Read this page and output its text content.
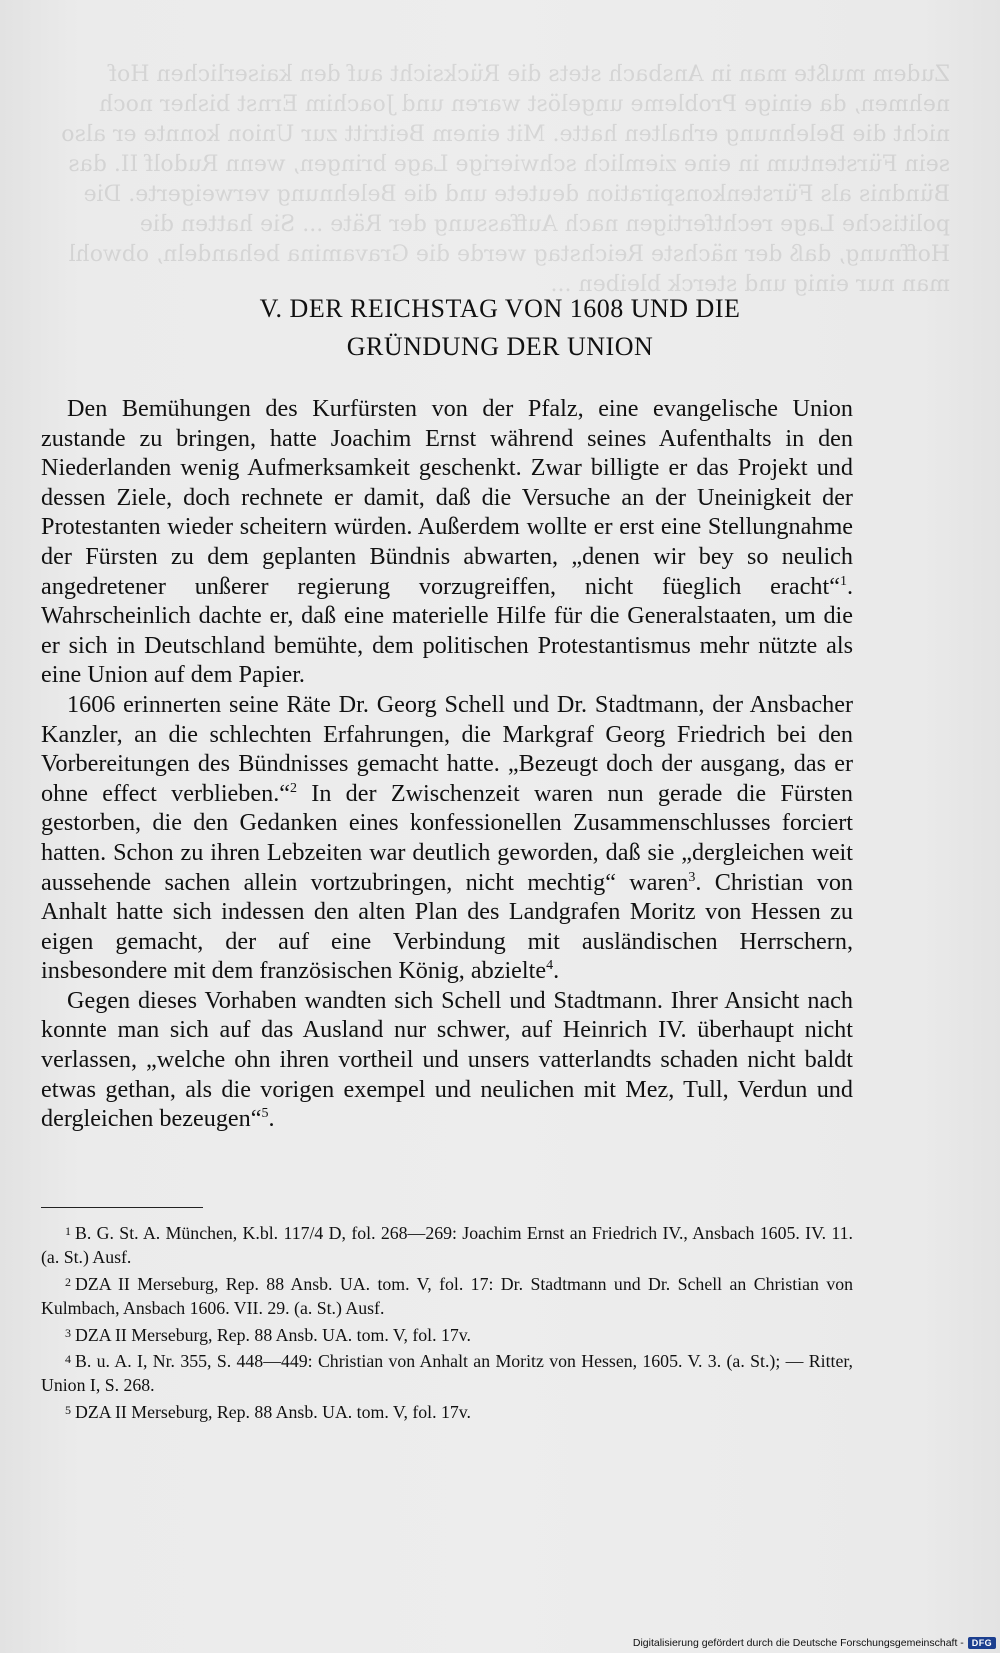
Zudem mußte man in Ansbach stets die Rücksicht auf den kaiserlichen Hof nehmen, da einige Probleme ungelöst waren und Joachim Ernst bisher noch nicht die Belehnung erhalten hatte. Mit einem Beitritt zur Union konnte er also sein Fürstentum in eine ziemlich schwierige Lage bringen, wenn Rudolf II. das Bündnis als Fürstenkonspiration deutete und die Belehnung verweigerte. Die politische Lage rechtfertigen nach Auffassung der Räte ... Sie hatten die Hoffnung, daß der nächste Reichstag werde die Gravamina behandeln, obwohl man nur einig und sterck bleiben ...
V. DER REICHSTAG VON 1608 UND DIE
GRÜNDUNG DER UNION

Den Bemühungen des Kurfürsten von der Pfalz, eine evangelische Union zustande zu bringen, hatte Joachim Ernst während seines Aufenthalts in den Niederlanden wenig Aufmerksamkeit geschenkt. Zwar billigte er das Projekt und dessen Ziele, doch rechnete er damit, daß die Versuche an der Uneinigkeit der Protestanten wieder scheitern würden. Außerdem wollte er erst eine Stellungnahme der Fürsten zu dem geplanten Bündnis abwarten, „denen wir bey so neulich angedretener unßerer regierung vorzugreiffen, nicht füeglich eracht“$^1$. Wahrscheinlich dachte er, daß eine materielle Hilfe für die Generalstaaten, um die er sich in Deutschland bemühte, dem politischen Protestantismus mehr nützte als eine Union auf dem Papier.

1606 erinnerten seine Räte Dr. Georg Schell und Dr. Stadtmann, der Ansbacher Kanzler, an die schlechten Erfahrungen, die Markgraf Georg Friedrich bei den Vorbereitungen des Bündnisses gemacht hatte. „Bezeugt doch der ausgang, das er ohne effect verblieben.“$^2$ In der Zwischenzeit waren nun gerade die Fürsten gestorben, die den Gedanken eines konfessionellen Zusammenschlusses forciert hatten. Schon zu ihren Lebzeiten war deutlich geworden, daß sie „dergleichen weit aussehende sachen allein vortzubringen, nicht mechtig“ waren$^3$. Christian von Anhalt hatte sich indessen den alten Plan des Landgrafen Moritz von Hessen zu eigen gemacht, der auf eine Verbindung mit ausländischen Herrschern, insbesondere mit dem französischen König, abzielte$^4$.

Gegen dieses Vorhaben wandten sich Schell und Stadtmann. Ihrer Ansicht nach konnte man sich auf das Ausland nur schwer, auf Heinrich IV. überhaupt nicht verlassen, „welche ohn ihren vortheil und unsers vatterlandts schaden nicht baldt etwas gethan, als die vorigen exempel und neulichen mit Mez, Tull, Verdun und dergleichen bezeugen“$^5$.

$^1$ B. G. St. A. München, K.bl. 117/4 D, fol. 268—269: Joachim Ernst an Friedrich IV., Ansbach 1605. IV. 11. (a. St.) Ausf.

$^2$ DZA II Merseburg, Rep. 88 Ansb. UA. tom. V, fol. 17: Dr. Stadtmann und Dr. Schell an Christian von Kulmbach, Ansbach 1606. VII. 29. (a. St.) Ausf.

$^3$ DZA II Merseburg, Rep. 88 Ansb. UA. tom. V, fol. 17v.

$^4$ B. u. A. I, Nr. 355, S. 448—449: Christian von Anhalt an Moritz von Hessen, 1605. V. 3. (a. St.); — Ritter, Union I, S. 268.

$^5$ DZA II Merseburg, Rep. 88 Ansb. UA. tom. V, fol. 17v.

Digitalisierung gefördert durch die Deutsche Forschungsgemeinschaft - DFG
